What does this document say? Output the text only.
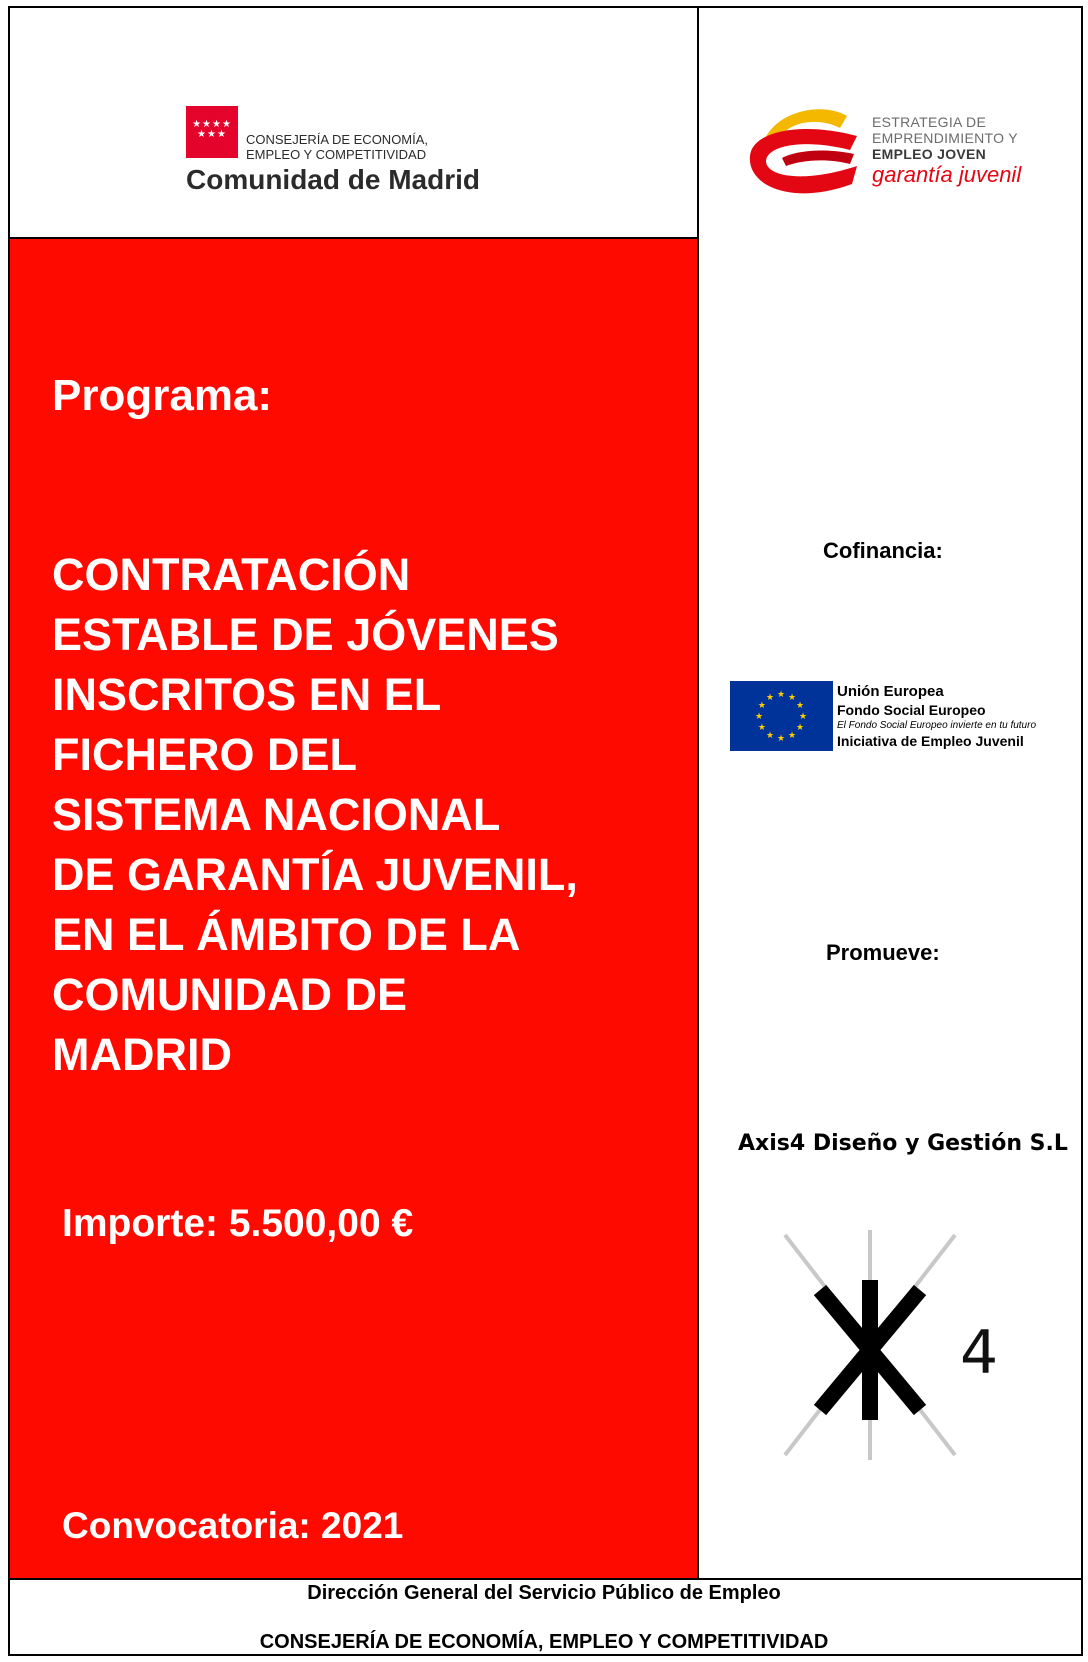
★★★★
★★★	CONSEJERÍA DE ECONOMÍA,
EMPLEO Y COMPETITIVIDAD
Comunidad de Madrid
ESTRATEGIA DE
EMPRENDIMIENTO Y
EMPLEO JOVEN
garantía juvenil
Programa:
CONTRATACIÓN
ESTABLE DE JÓVENES
INSCRITOS EN EL
FICHERO DEL
SISTEMA NACIONAL
DE GARANTÍA JUVENIL,
EN EL ÁMBITO DE LA
COMUNIDAD DE
MADRID
Importe: 5.500,00 €
Convocatoria: 2021
Cofinancia:
★ ★
★
★
★
★
★
★
★
★
★
★	Unión Europea
Fondo Social Europeo
El Fondo Social Europeo invierte en tu futuro
Iniciativa de Empleo Juvenil
Promueve:
Axis4 Diseño y Gestión S.L
4
Dirección General del Servicio Público de Empleo
CONSEJERÍA DE ECONOMÍA, EMPLEO Y COMPETITIVIDAD
